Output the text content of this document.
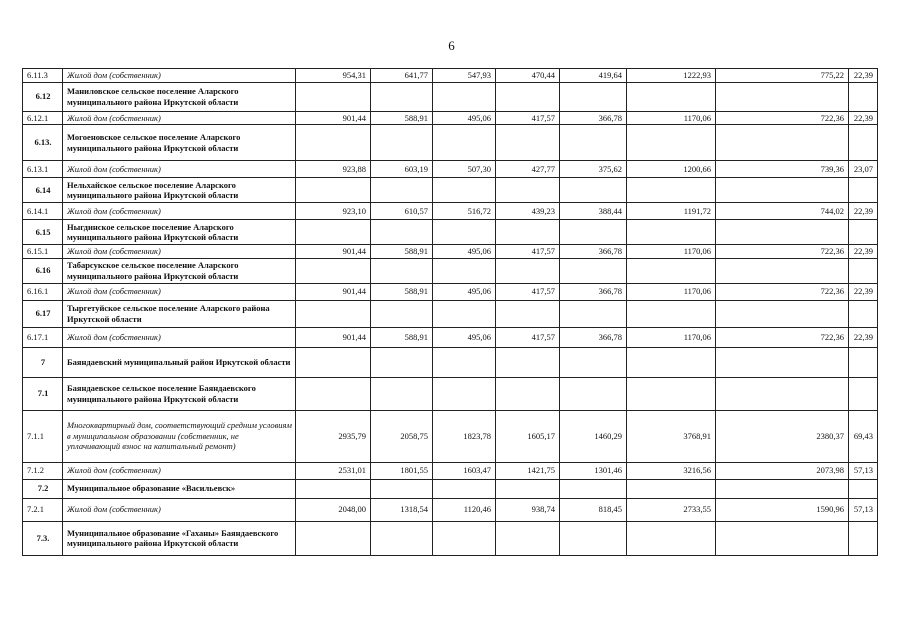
6
6.11.3	Жилой дом (собственник)	954,31	641,77	547,93	470,44	419,64	1222,93	775,22	22,39
6.12	Маниловское сельское поселение Аларского муниципального района Иркутской области								
6.12.1	Жилой дом (собственник)	901,44	588,91	495,06	417,57	366,78	1170,06	722,36	22,39
6.13.	Могоеновское сельское поселение Аларского муниципального района Иркутской области								
6.13.1	Жилой дом (собственник)	923,88	603,19	507,30	427,77	375,62	1200,66	739,36	23,07
6.14	Нельхайское сельское поселение Аларского муниципального района Иркутской области								
6.14.1	Жилой дом (собственник)	923,10	610,57	516,72	439,23	388,44	1191,72	744,02	22,39
6.15	Ныгдинское сельское поселение Аларского муниципального района Иркутской области								
6.15.1	Жилой дом (собственник)	901,44	588,91	495,06	417,57	366,78	1170,06	722,36	22,39
6.16	Табарсукское сельское поселение Аларского муниципального района Иркутской области								
6.16.1	Жилой дом (собственник)	901,44	588,91	495,06	417,57	366,78	1170,06	722,36	22,39
6.17	Тыргетуйское сельское поселение Аларского района Иркутской области								
6.17.1	Жилой дом (собственник)	901,44	588,91	495,06	417,57	366,78	1170,06	722,36	22,39
7	Баяндаевский муниципальный район Иркутской области								
7.1	Баяндаевское сельское поселение Баяндаевского муниципального района Иркутской области								
7.1.1	Многоквартирный дом, соответствующий средним условиям в муниципальном образовании (собственник, не уплачивающий взнос на капитальный ремонт)	2935,79	2058,75	1823,78	1605,17	1460,29	3768,91	2380,37	69,43
7.1.2	Жилой дом (собственник)	2531,01	1801,55	1603,47	1421,75	1301,46	3216,56	2073,98	57,13
7.2	Муниципальное образование «Васильевск»								
7.2.1	Жилой дом (собственник)	2048,00	1318,54	1120,46	938,74	818,45	2733,55	1590,96	57,13
7.3.	Муниципальное образование «Гаханы» Баяндаевского муниципального района Иркутской области								
